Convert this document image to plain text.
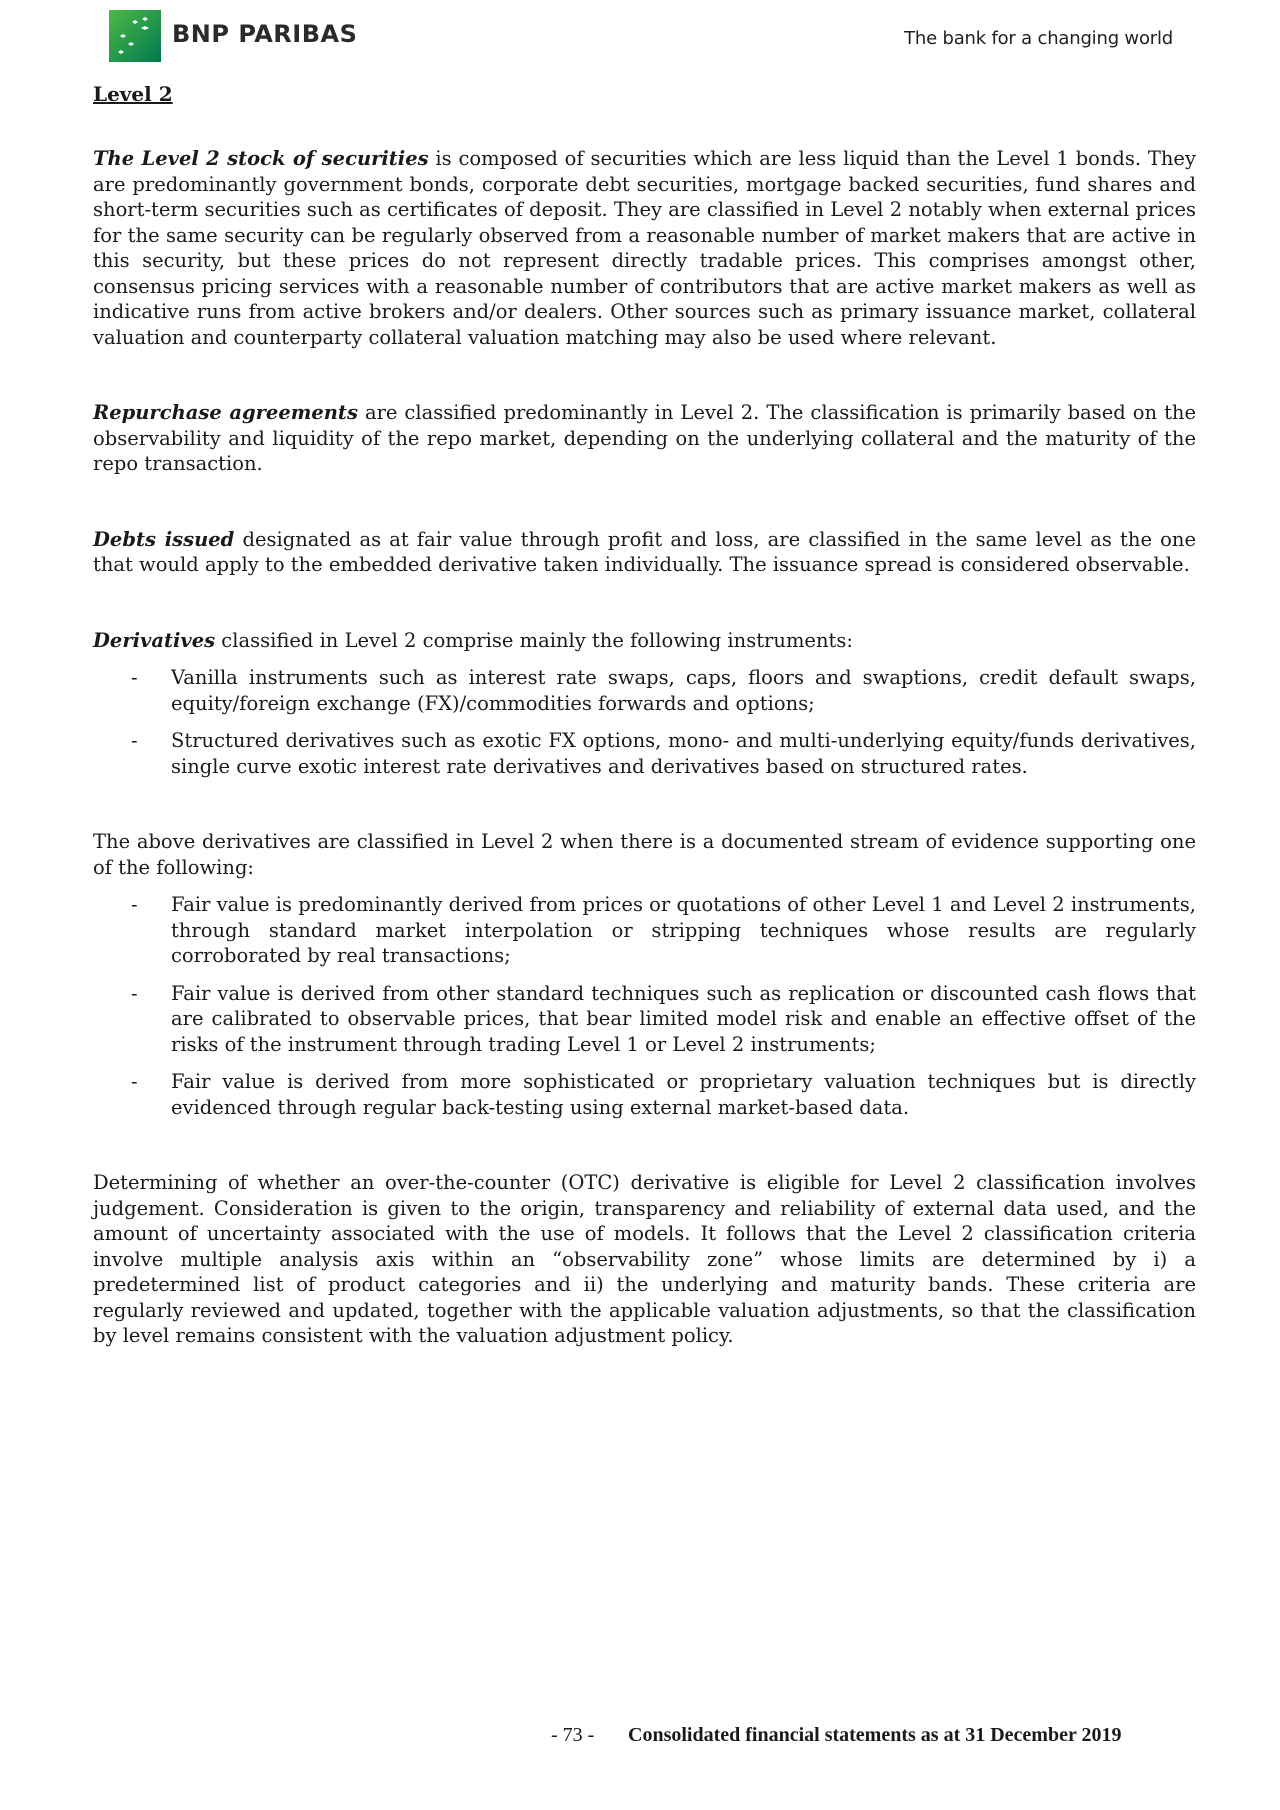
BNP PARIBAS	The bank for a changing world
Level 2

The Level 2 stock of securities is composed of securities which are less liquid than the Level 1 bonds. They are predominantly government bonds, corporate debt securities, mortgage backed securities, fund shares and short-term securities such as certificates of deposit. They are classified in Level 2 notably when external prices for the same security can be regularly observed from a reasonable number of market makers that are active in this security, but these prices do not represent directly tradable prices. This comprises amongst other, consensus pricing services with a reasonable number of contributors that are active market makers as well as indicative runs from active brokers and/or dealers. Other sources such as primary issuance market, collateral valuation and counterparty collateral valuation matching may also be used where relevant.

Repurchase agreements are classified predominantly in Level 2. The classification is primarily based on the observability and liquidity of the repo market, depending on the underlying collateral and the maturity of the repo transaction.

Debts issued designated as at fair value through profit and loss, are classified in the same level as the one that would apply to the embedded derivative taken individually. The issuance spread is considered observable.

Derivatives classified in Level 2 comprise mainly the following instruments:

- Vanilla instruments such as interest rate swaps, caps, floors and swaptions, credit default swaps, equity/foreign exchange (FX)/commodities forwards and options;
- Structured derivatives such as exotic FX options, mono- and multi-underlying equity/funds derivatives, single curve exotic interest rate derivatives and derivatives based on structured rates.

The above derivatives are classified in Level 2 when there is a documented stream of evidence supporting one of the following:

- Fair value is predominantly derived from prices or quotations of other Level 1 and Level 2 instruments, through standard market interpolation or stripping techniques whose results are regularly corroborated by real transactions;
- Fair value is derived from other standard techniques such as replication or discounted cash flows that are calibrated to observable prices, that bear limited model risk and enable an effective offset of the risks of the instrument through trading Level 1 or Level 2 instruments;
- Fair value is derived from more sophisticated or proprietary valuation techniques but is directly evidenced through regular back-testing using external market-based data.

Determining of whether an over-the-counter (OTC) derivative is eligible for Level 2 classification involves judgement. Consideration is given to the origin, transparency and reliability of external data used, and the amount of uncertainty associated with the use of models. It follows that the Level 2 classification criteria involve multiple analysis axis within an “observability zone” whose limits are determined by i) a predetermined list of product categories and ii) the underlying and maturity bands. These criteria are regularly reviewed and updated, together with the applicable valuation adjustments, so that the classification by level remains consistent with the valuation adjustment policy.

- 73 - Consolidated financial statements as at 31 December 2019
